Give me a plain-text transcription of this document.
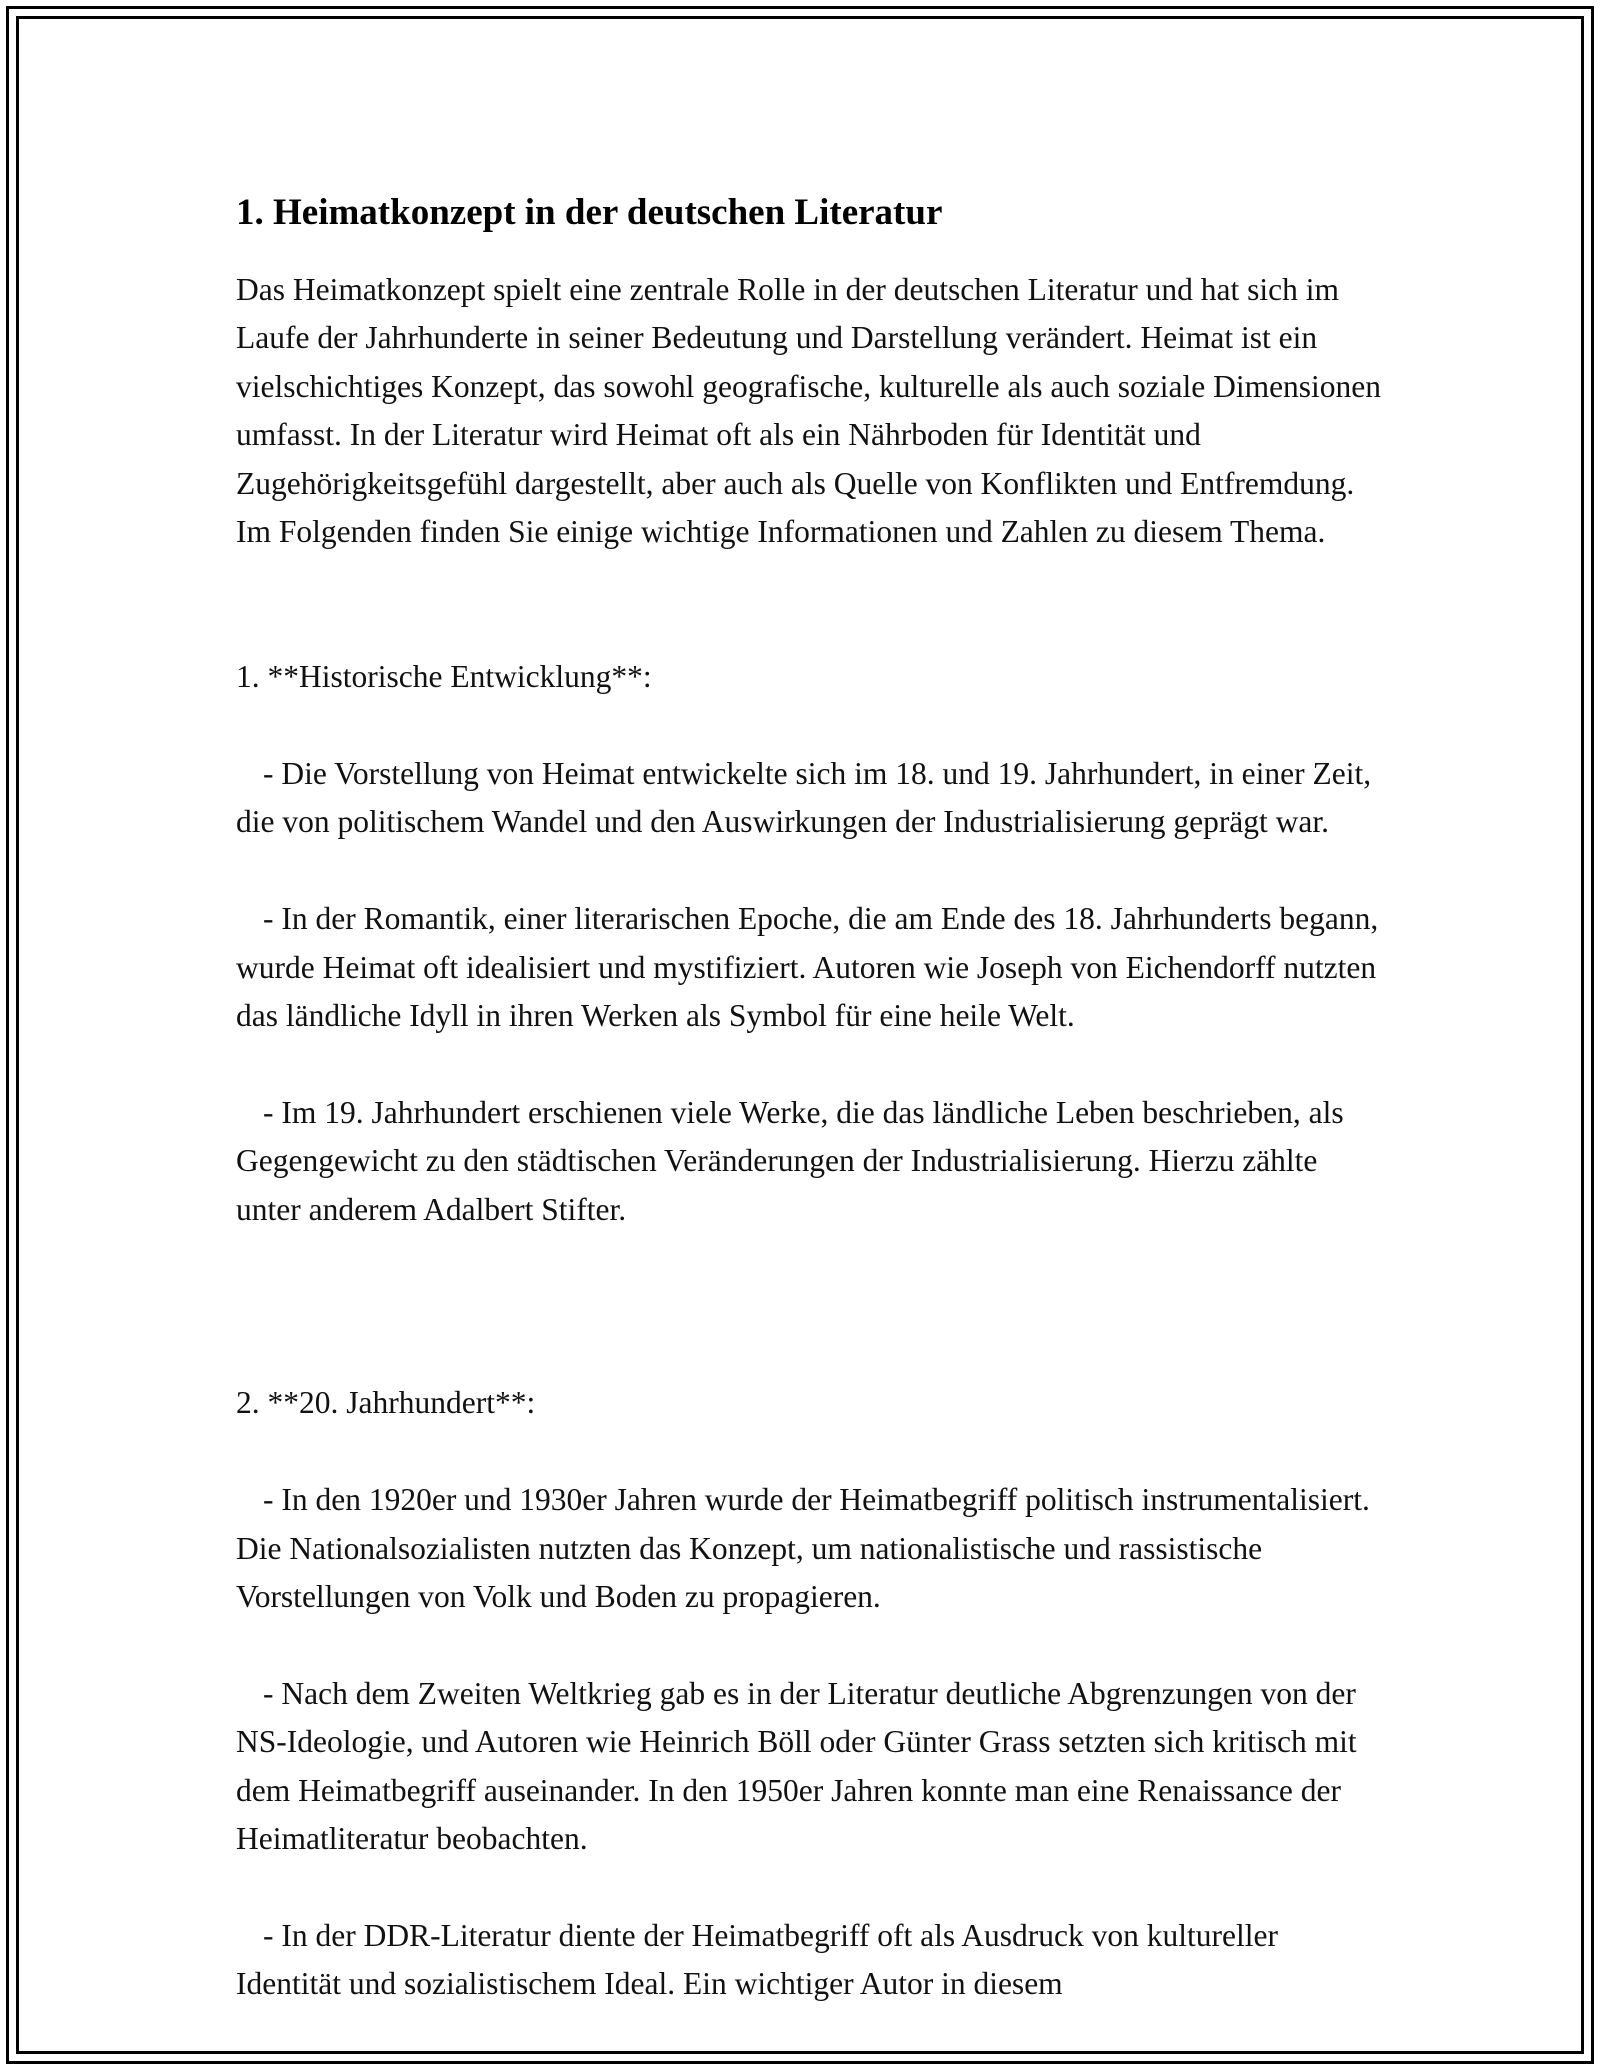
1. Heimatkonzept in der deutschen Literatur

Das Heimatkonzept spielt eine zentrale Rolle in der deutschen Literatur und hat sich im Laufe der Jahrhunderte in seiner Bedeutung und Darstellung verändert. Heimat ist ein vielschichtiges Konzept, das sowohl geografische, kulturelle als auch soziale Dimensionen umfasst. In der Literatur wird Heimat oft als ein Nährboden für Identität und Zugehörigkeitsgefühl dargestellt, aber auch als Quelle von Konflikten und Entfremdung. Im Folgenden finden Sie einige wichtige Informationen und Zahlen zu diesem Thema.

1. **Historische Entwicklung**:

- Die Vorstellung von Heimat entwickelte sich im 18. und 19. Jahrhundert, in einer Zeit, die von politischem Wandel und den Auswirkungen der Industrialisierung geprägt war.

- In der Romantik, einer literarischen Epoche, die am Ende des 18. Jahrhunderts begann, wurde Heimat oft idealisiert und mystifiziert. Autoren wie Joseph von Eichendorff nutzten das ländliche Idyll in ihren Werken als Symbol für eine heile Welt.

- Im 19. Jahrhundert erschienen viele Werke, die das ländliche Leben beschrieben, als Gegengewicht zu den städtischen Veränderungen der Industrialisierung. Hierzu zählte unter anderem Adalbert Stifter.

2. **20. Jahrhundert**:

- In den 1920er und 1930er Jahren wurde der Heimatbegriff politisch instrumentalisiert. Die Nationalsozialisten nutzten das Konzept, um nationalistische und rassistische Vorstellungen von Volk und Boden zu propagieren.

- Nach dem Zweiten Weltkrieg gab es in der Literatur deutliche Abgrenzungen von der NS-Ideologie, und Autoren wie Heinrich Böll oder Günter Grass setzten sich kritisch mit dem Heimatbegriff auseinander. In den 1950er Jahren konnte man eine Renaissance der Heimatliteratur beobachten.

- In der DDR-Literatur diente der Heimatbegriff oft als Ausdruck von kultureller Identität und sozialistischem Ideal. Ein wichtiger Autor in diesem
